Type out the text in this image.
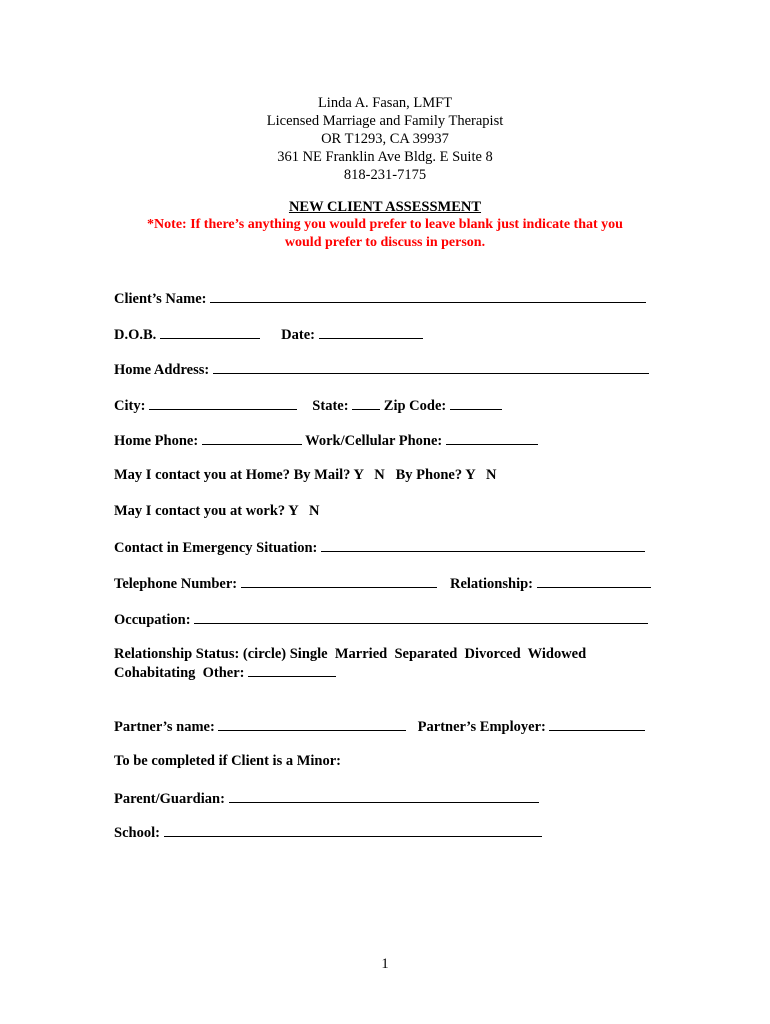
Linda A. Fasan, LMFT
Licensed Marriage and Family Therapist
OR T1293, CA 39937
361 NE Franklin Ave Bldg. E Suite 8
818-231-7175
NEW CLIENT ASSESSMENT
*Note: If there’s anything you would prefer to leave blank just indicate that you
would prefer to discuss in person.
Client’s Name:
D.O.B.	Date:
Home Address:
City:	State: Zip Code:
Home Phone:	Work/Cellular Phone:
May I contact you at Home? By Mail? Y   N   By Phone? Y   N
May I contact you at work? Y   N
Contact in Emergency Situation:
Telephone Number:	Relationship:
Occupation:
Relationship Status: (circle) Single  Married  Separated  Divorced  Widowed
Cohabitating  Other:
Partner’s name:	Partner’s Employer:
To be completed if Client is a Minor:
Parent/Guardian:
School:
1
